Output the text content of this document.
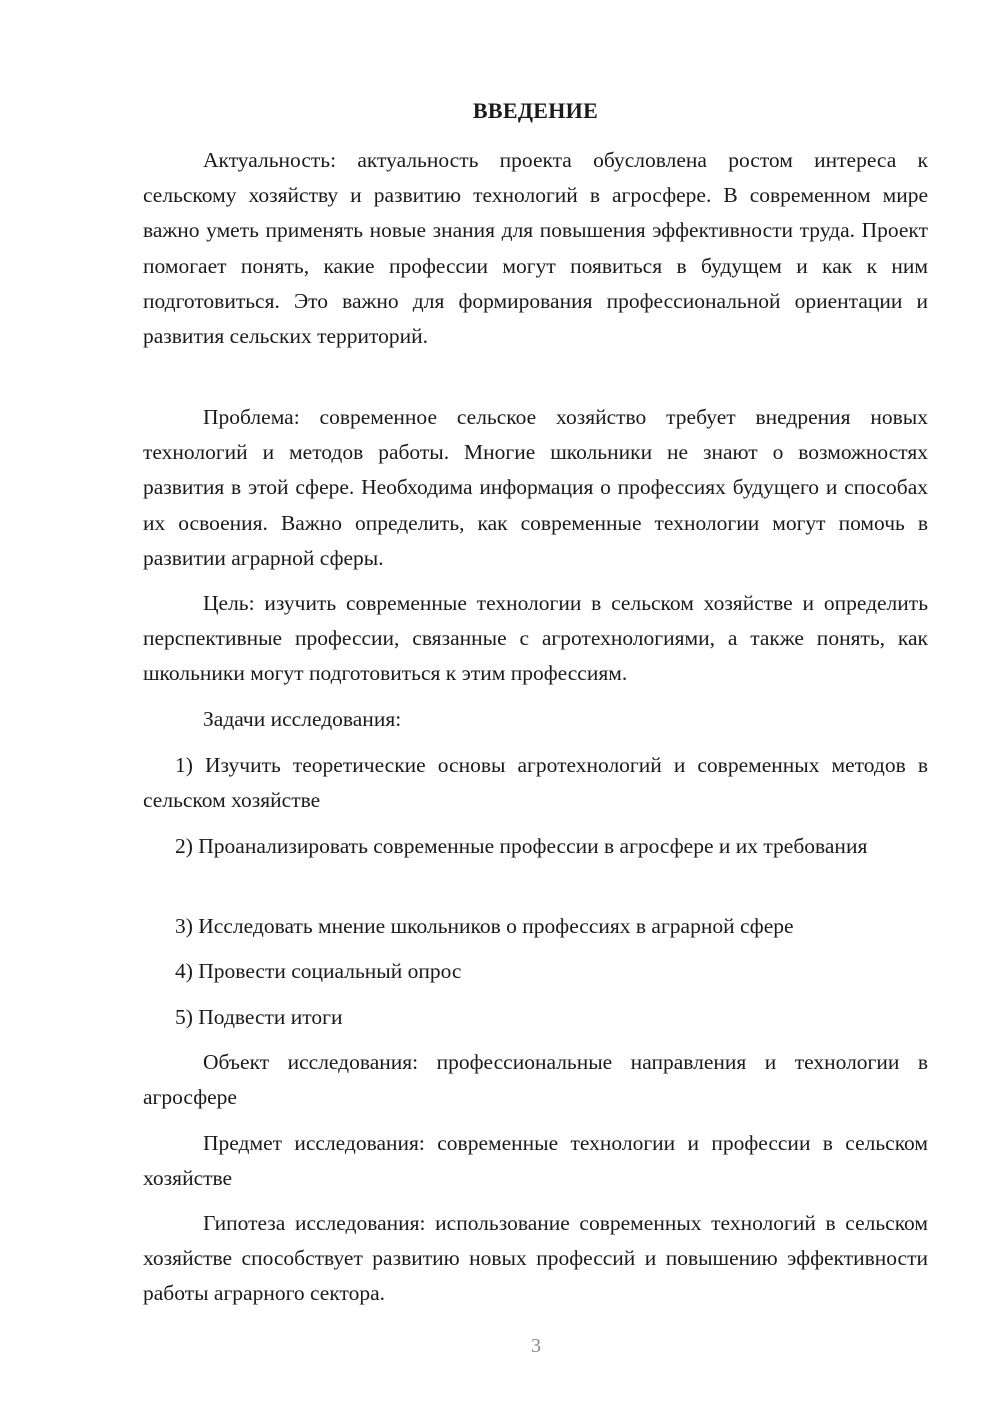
ВВЕДЕНИЕ

Актуальность: актуальность проекта обусловлена ростом интереса к сельскому хозяйству и развитию технологий в агросфере. В современном мире важно уметь применять новые знания для повышения эффективности труда. Проект помогает понять, какие профессии могут появиться в будущем и как к ним подготовиться. Это важно для формирования профессиональной ориентации и развития сельских территорий.

Проблема: современное сельское хозяйство требует внедрения новых технологий и методов работы. Многие школьники не знают о возможностях развития в этой сфере. Необходима информация о профессиях будущего и способах их освоения. Важно определить, как современные технологии могут помочь в развитии аграрной сферы.

Цель: изучить современные технологии в сельском хозяйстве и определить перспективные профессии, связанные с агротехнологиями, а также понять, как школьники могут подготовиться к этим профессиям.

Задачи исследования:

1) Изучить теоретические основы агротехнологий и современных методов в сельском хозяйстве

2) Проанализировать современные профессии в агросфере и их требования

3) Исследовать мнение школьников о профессиях в аграрной сфере

4) Провести социальный опрос

5) Подвести итоги

Объект исследования: профессиональные направления и технологии в агросфере

Предмет исследования: современные технологии и профессии в сельском хозяйстве

Гипотеза исследования: использование современных технологий в сельском хозяйстве способствует развитию новых профессий и повышению эффективности работы аграрного сектора.

3
